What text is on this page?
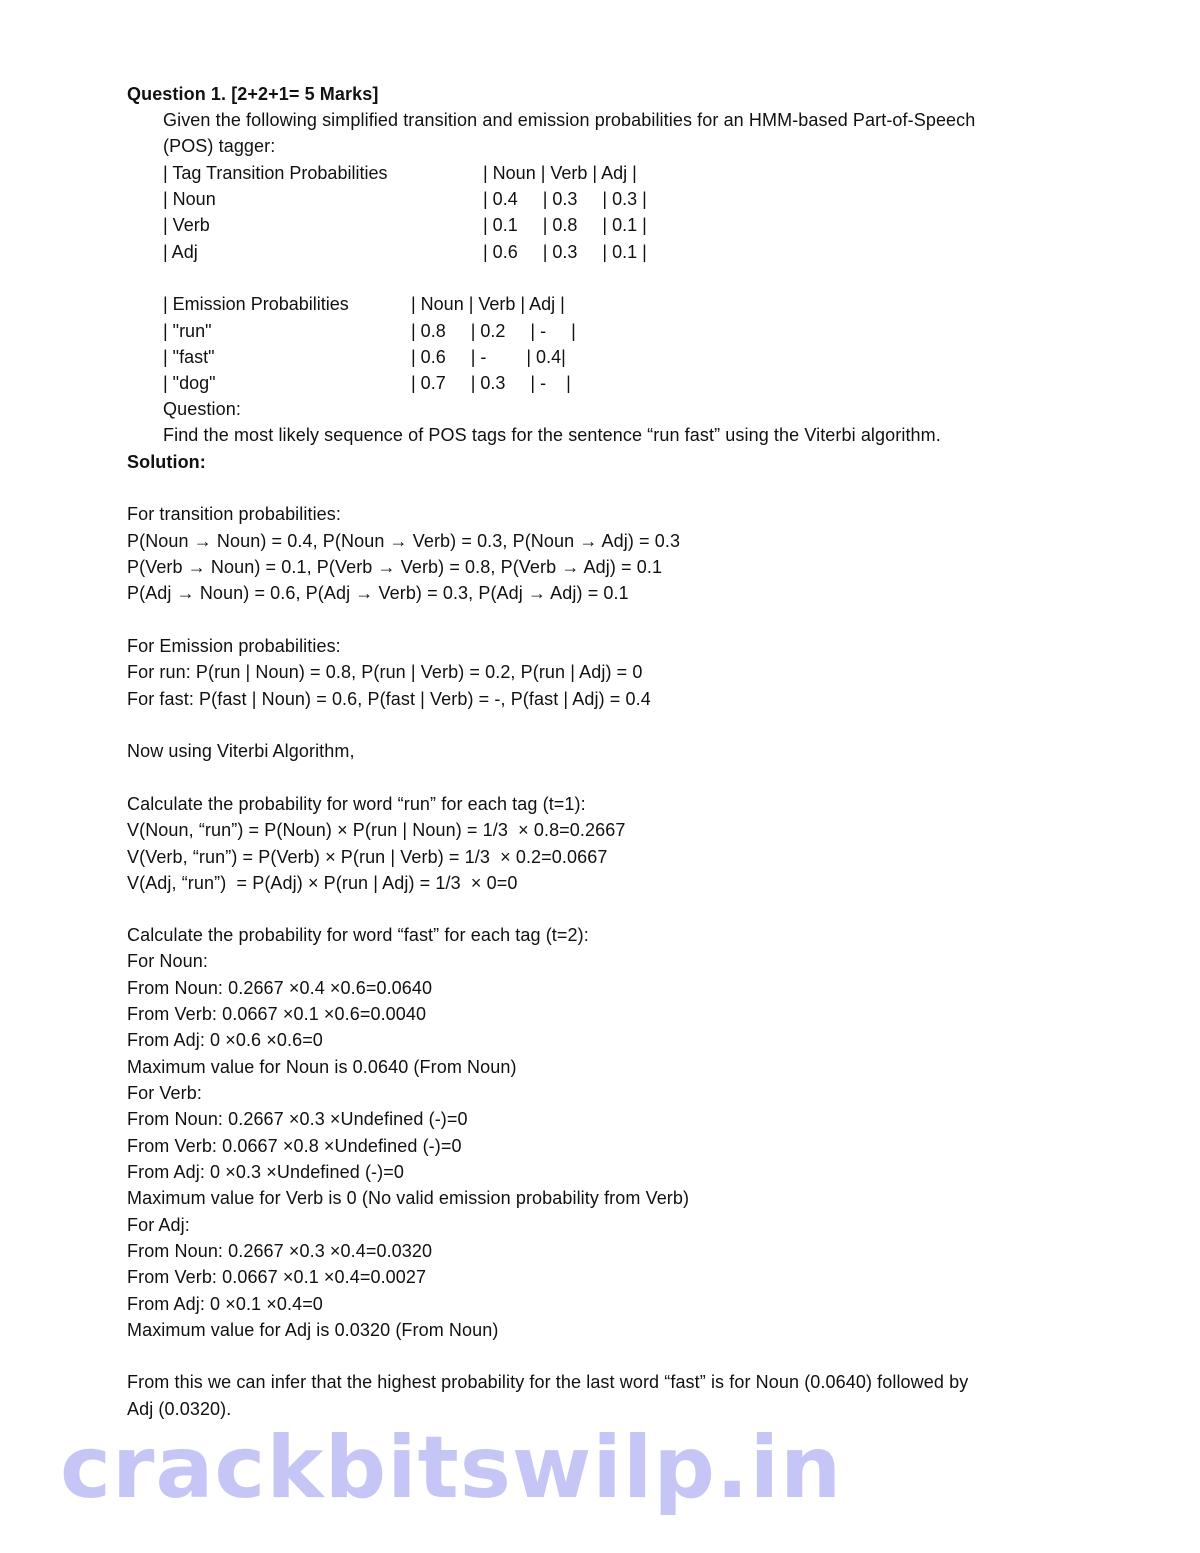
Question 1. [2+2+1= 5 Marks]
Given the following simplified transition and emission probabilities for an HMM-based Part-of-Speech
(POS) tagger:
| Tag Transition Probabilities	| Noun | Verb | Adj |
| Noun	| 0.4     | 0.3     | 0.3 |
| Verb	| 0.1     | 0.8     | 0.1 |
| Adj	| 0.6     | 0.3     | 0.1 |
| Emission Probabilities	| Noun | Verb | Adj |
| "run"	| 0.8     | 0.2     | -     |
| "fast"	| 0.6     | -        | 0.4|
| "dog"	| 0.7     | 0.3     | -    |
Question:
Find the most likely sequence of POS tags for the sentence “run fast” using the Viterbi algorithm.
Solution:
For transition probabilities:
P(Noun → Noun) = 0.4, P(Noun → Verb) = 0.3, P(Noun → Adj) = 0.3
P(Verb → Noun) = 0.1, P(Verb → Verb) = 0.8, P(Verb → Adj) = 0.1
P(Adj → Noun) = 0.6, P(Adj → Verb) = 0.3, P(Adj → Adj) = 0.1
For Emission probabilities:
For run: P(run | Noun) = 0.8, P(run | Verb) = 0.2, P(run | Adj) = 0
For fast: P(fast | Noun) = 0.6, P(fast | Verb) = -, P(fast | Adj) = 0.4
Now using Viterbi Algorithm,
Calculate the probability for word “run” for each tag (t=1):
V(Noun, “run”) = P(Noun) × P(run | Noun) = 1/3  × 0.8=0.2667
V(Verb, “run”) = P(Verb) × P(run | Verb) = 1/3  × 0.2=0.0667
V(Adj, “run”)  = P(Adj) × P(run | Adj) = 1/3  × 0=0
Calculate the probability for word “fast” for each tag (t=2):
For Noun:
From Noun: 0.2667 ×0.4 ×0.6=0.0640
From Verb: 0.0667 ×0.1 ×0.6=0.0040
From Adj: 0 ×0.6 ×0.6=0
Maximum value for Noun is 0.0640 (From Noun)
For Verb:
From Noun: 0.2667 ×0.3 ×Undefined (-)=0
From Verb: 0.0667 ×0.8 ×Undefined (-)=0
From Adj: 0 ×0.3 ×Undefined (-)=0
Maximum value for Verb is 0 (No valid emission probability from Verb)
For Adj:
From Noun: 0.2667 ×0.3 ×0.4=0.0320
From Verb: 0.0667 ×0.1 ×0.4=0.0027
From Adj: 0 ×0.1 ×0.4=0
Maximum value for Adj is 0.0320 (From Noun)
From this we can infer that the highest probability for the last word “fast” is for Noun (0.0640) followed by
Adj (0.0320).
crackbitswilp.in
